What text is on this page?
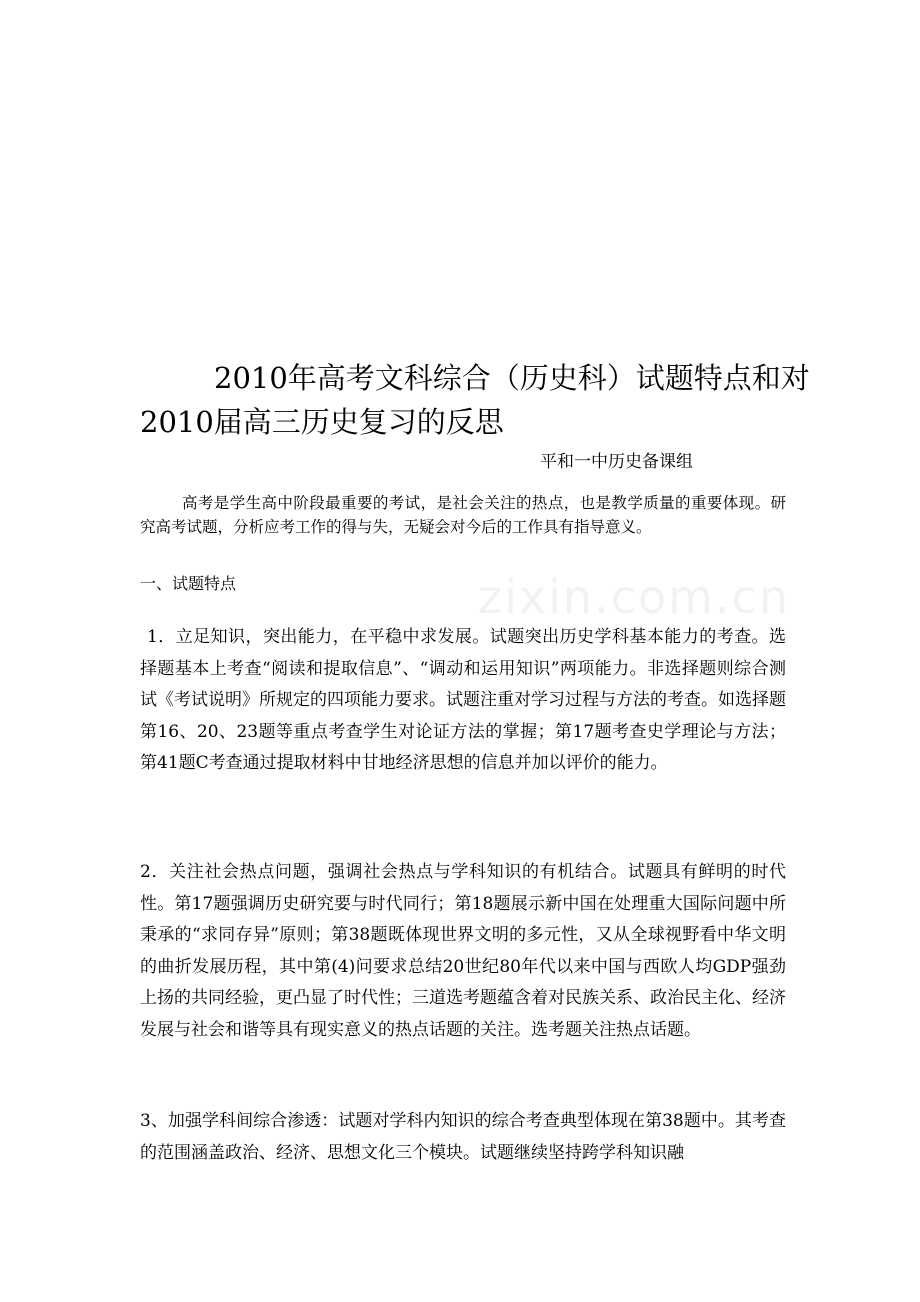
zixin.com.cn
2010年高考文科综合（历史科）试题特点和对
2010届高三历史复习的反思
平和一中历史备课组
高考是学生高中阶段最重要的考试，是社会关注的热点，也是教学质量的重要体现。研究高考试题，分析应考工作的得与失，无疑会对今后的工作具有指导意义。
一、试题特点
1．立足知识，突出能力，在平稳中求发展。试题突出历史学科基本能力的考查。选择题基本上考查“阅读和提取信息”、“调动和运用知识”两项能力。非选择题则综合测试《考试说明》所规定的四项能力要求。试题注重对学习过程与方法的考查。如选择题第16、20、23题等重点考查学生对论证方法的掌握；第17题考查史学理论与方法；第41题C考查通过提取材料中甘地经济思想的信息并加以评价的能力。
2．关注社会热点问题，强调社会热点与学科知识的有机结合。试题具有鲜明的时代性。第17题强调历史研究要与时代同行；第18题展示新中国在处理重大国际问题中所秉承的“求同存异”原则；第38题既体现世界文明的多元性，又从全球视野看中华文明的曲折发展历程，其中第(4)问要求总结20世纪80年代以来中国与西欧人均GDP强劲上扬的共同经验，更凸显了时代性；三道选考题蕴含着对民族关系、政治民主化、经济发展与社会和谐等具有现实意义的热点话题的关注。选考题关注热点话题。
3、加强学科间综合渗透：试题对学科内知识的综合考查典型体现在第38题中。其考查的范围涵盖政治、经济、思想文化三个模块。试题继续坚持跨学科知识融
